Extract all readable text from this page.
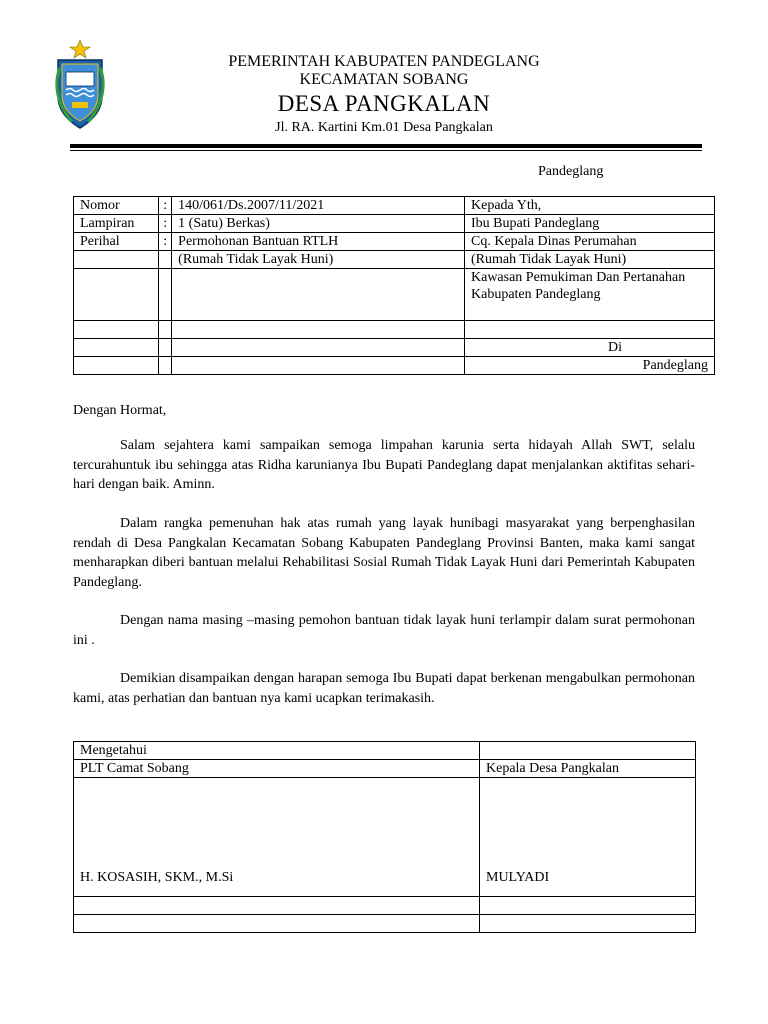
PEMERINTAH KABUPATEN PANDEGLANG
KECAMATAN SOBANG
DESA PANGKALAN
Jl. RA. Kartini Km.01 Desa Pangkalan
Pandeglang
Nomor	:	140/061/Ds.2007/11/2021	Kepada Yth,
Lampiran	:	1 (Satu) Berkas)	Ibu Bupati Pandeglang
Perihal	:	Permohonan Bantuan RTLH	Cq. Kepala Dinas Perumahan
		(Rumah Tidak Layak Huni)	(Rumah Tidak Layak Huni)
			Kawasan Pemukiman Dan Pertanahan Kabupaten Pandeglang

			Di
			Pandeglang
Dengan Hormat,

Salam sejahtera kami sampaikan semoga limpahan karunia serta hidayah Allah SWT, selalu tercurahuntuk ibu sehingga atas Ridha karunianya Ibu Bupati Pandeglang dapat menjalankan aktifitas sehari-hari dengan baik. Aminn.

Dalam rangka pemenuhan hak atas rumah yang layak hunibagi masyarakat yang berpenghasilan rendah di Desa Pangkalan Kecamatan Sobang Kabupaten Pandeglang Provinsi Banten, maka kami sangat menharapkan diberi bantuan melalui Rehabilitasi Sosial Rumah Tidak Layak Huni dari Pemerintah Kabupaten Pandeglang.

Dengan nama masing –masing pemohon bantuan tidak layak huni terlampir dalam surat permohonan ini .

Demikian disampaikan dengan harapan semoga Ibu Bupati dapat berkenan mengabulkan permohonan kami, atas perhatian dan bantuan nya kami ucapkan terimakasih.

Mengetahui	
PLT Camat Sobang	Kepala Desa Pangkalan
H. KOSASIH, SKM., M.Si	MULYADI
